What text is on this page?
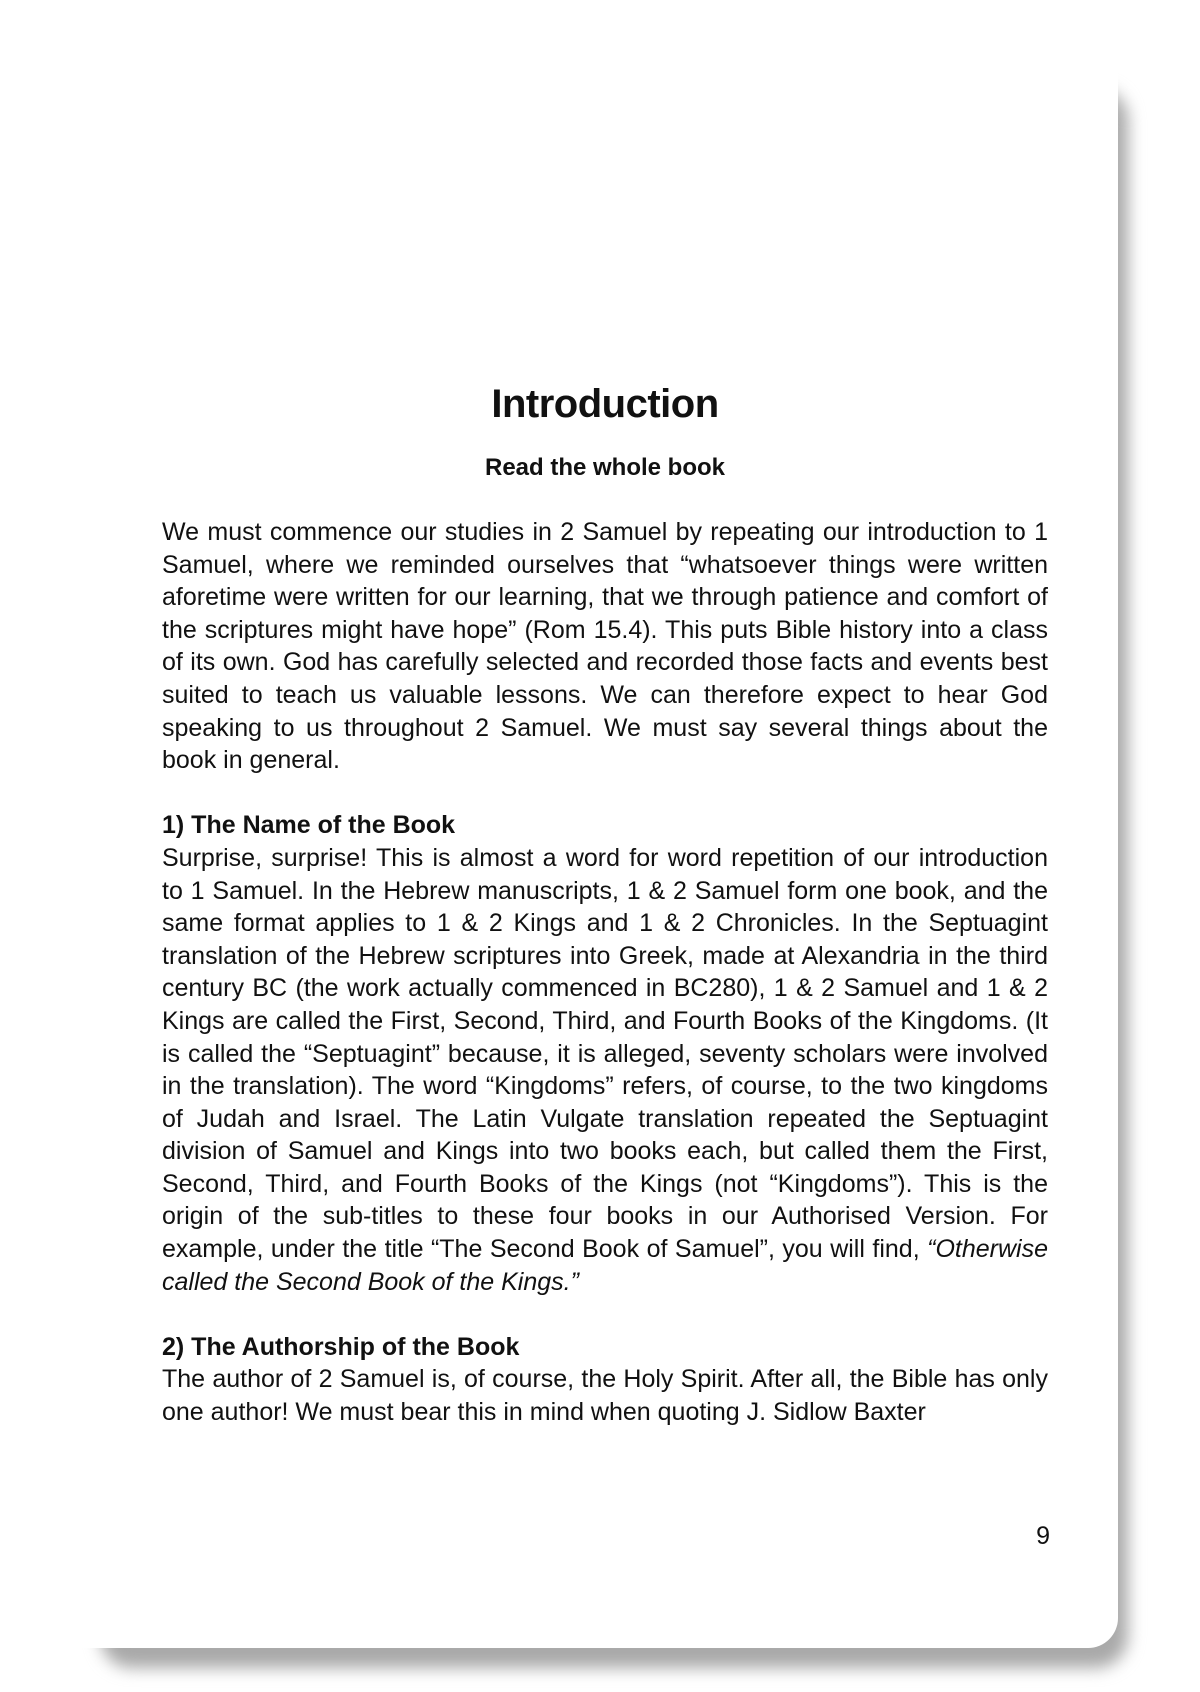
Introduction
Read the whole book

We must commence our studies in 2 Samuel by repeating our introduction to 1 Samuel, where we reminded ourselves that “whatsoever things were written aforetime were written for our learning, that we through patience and comfort of the scriptures might have hope” (Rom 15.4). This puts Bible history into a class of its own. God has carefully selected and recorded those facts and events best suited to teach us valuable lessons. We can therefore expect to hear God speaking to us throughout 2 Samuel. We must say several things about the book in general.

1) The Name of the Book

Surprise, surprise! This is almost a word for word repetition of our introduction to 1 Samuel. In the Hebrew manuscripts, 1 & 2 Samuel form one book, and the same format applies to 1 & 2 Kings and 1 & 2 Chronicles. In the Septuagint translation of the Hebrew scriptures into Greek, made at Alexandria in the third century BC (the work actually commenced in BC280), 1 & 2 Samuel and 1 & 2 Kings are called the First, Second, Third, and Fourth Books of the Kingdoms. (It is called the “Septuagint” because, it is alleged, seventy scholars were involved in the translation). The word “Kingdoms” refers, of course, to the two kingdoms of Judah and Israel. The Latin Vulgate translation repeated the Septuagint division of Samuel and Kings into two books each, but called them the First, Second, Third, and Fourth Books of the Kings (not “Kingdoms”). This is the origin of the sub-titles to these four books in our Authorised Version. For example, under the title “The Second Book of Samuel”, you will find, “Otherwise called the Second Book of the Kings.”

2) The Authorship of the Book

The author of 2 Samuel is, of course, the Holy Spirit. After all, the Bible has only one author! We must bear this in mind when quoting J. Sidlow Baxter

9
